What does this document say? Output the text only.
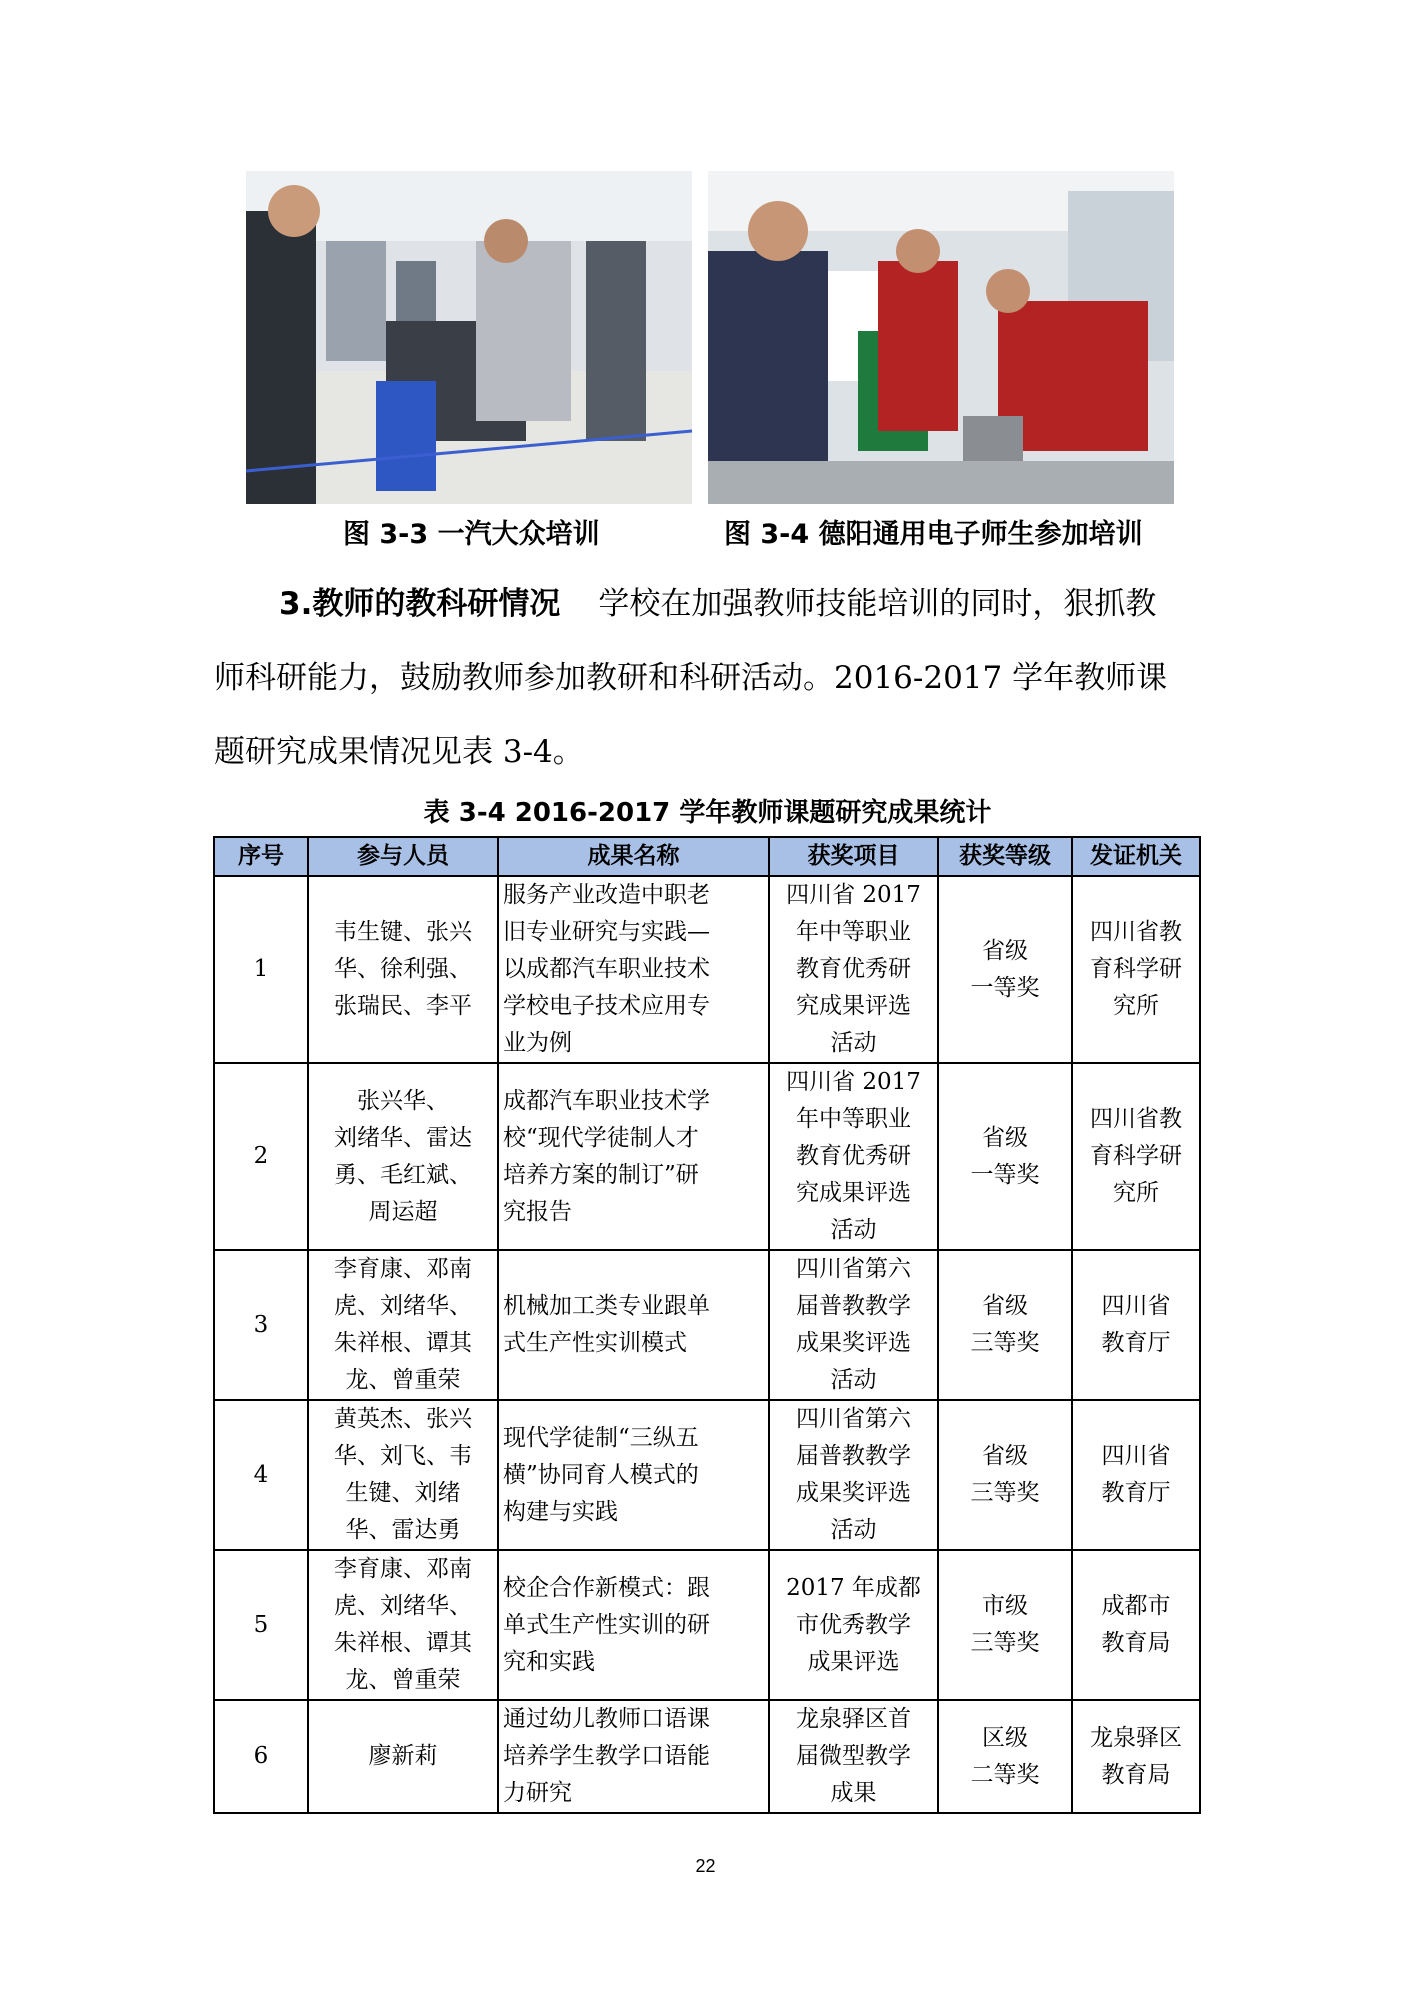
图 3-3 一汽大众培训	图 3-4 德阳通用电子师生参加培训
3.教师的教科研情况 学校在加强教师技能培训的同时，狠抓教
师科研能力，鼓励教师参加教研和科研活动。2016-2017 学年教师课
题研究成果情况见表 3-4。
表 3-4 2016-2017 学年教师课题研究成果统计
序号	参与人员	成果名称	获奖项目	获奖等级	发证机关
1	韦生键、张兴
华、徐利强、
张瑞民、李平	服务产业改造中职老
旧专业研究与实践—
以成都汽车职业技术
学校电子技术应用专
业为例	四川省 2017
年中等职业
教育优秀研
究成果评选
活动	省级
一等奖	四川省教
育科学研
究所

2	张兴华、
刘绪华、雷达
勇、毛红斌、
周运超	成都汽车职业技术学
校“现代学徒制人才
培养方案的制订”研
究报告	四川省 2017
年中等职业
教育优秀研
究成果评选
活动	省级
一等奖	四川省教
育科学研
究所

3	李育康、邓南
虎、刘绪华、
朱祥根、谭其
龙、曾重荣	机械加工类专业跟单
式生产性实训模式	四川省第六
届普教教学
成果奖评选
活动	省级
三等奖	四川省
教育厅

4	黄英杰、张兴
华、刘飞、韦
生键、刘绪
华、雷达勇	现代学徒制“三纵五
横”协同育人模式的
构建与实践	四川省第六
届普教教学
成果奖评选
活动	省级
三等奖	四川省
教育厅

5	李育康、邓南
虎、刘绪华、
朱祥根、谭其
龙、曾重荣	校企合作新模式：跟
单式生产性实训的研
究和实践	2017 年成都
市优秀教学
成果评选	市级
三等奖	成都市
教育局

6	廖新莉	通过幼儿教师口语课
培养学生教学口语能
力研究	龙泉驿区首
届微型教学
成果	区级
二等奖	龙泉驿区
教育局
22
